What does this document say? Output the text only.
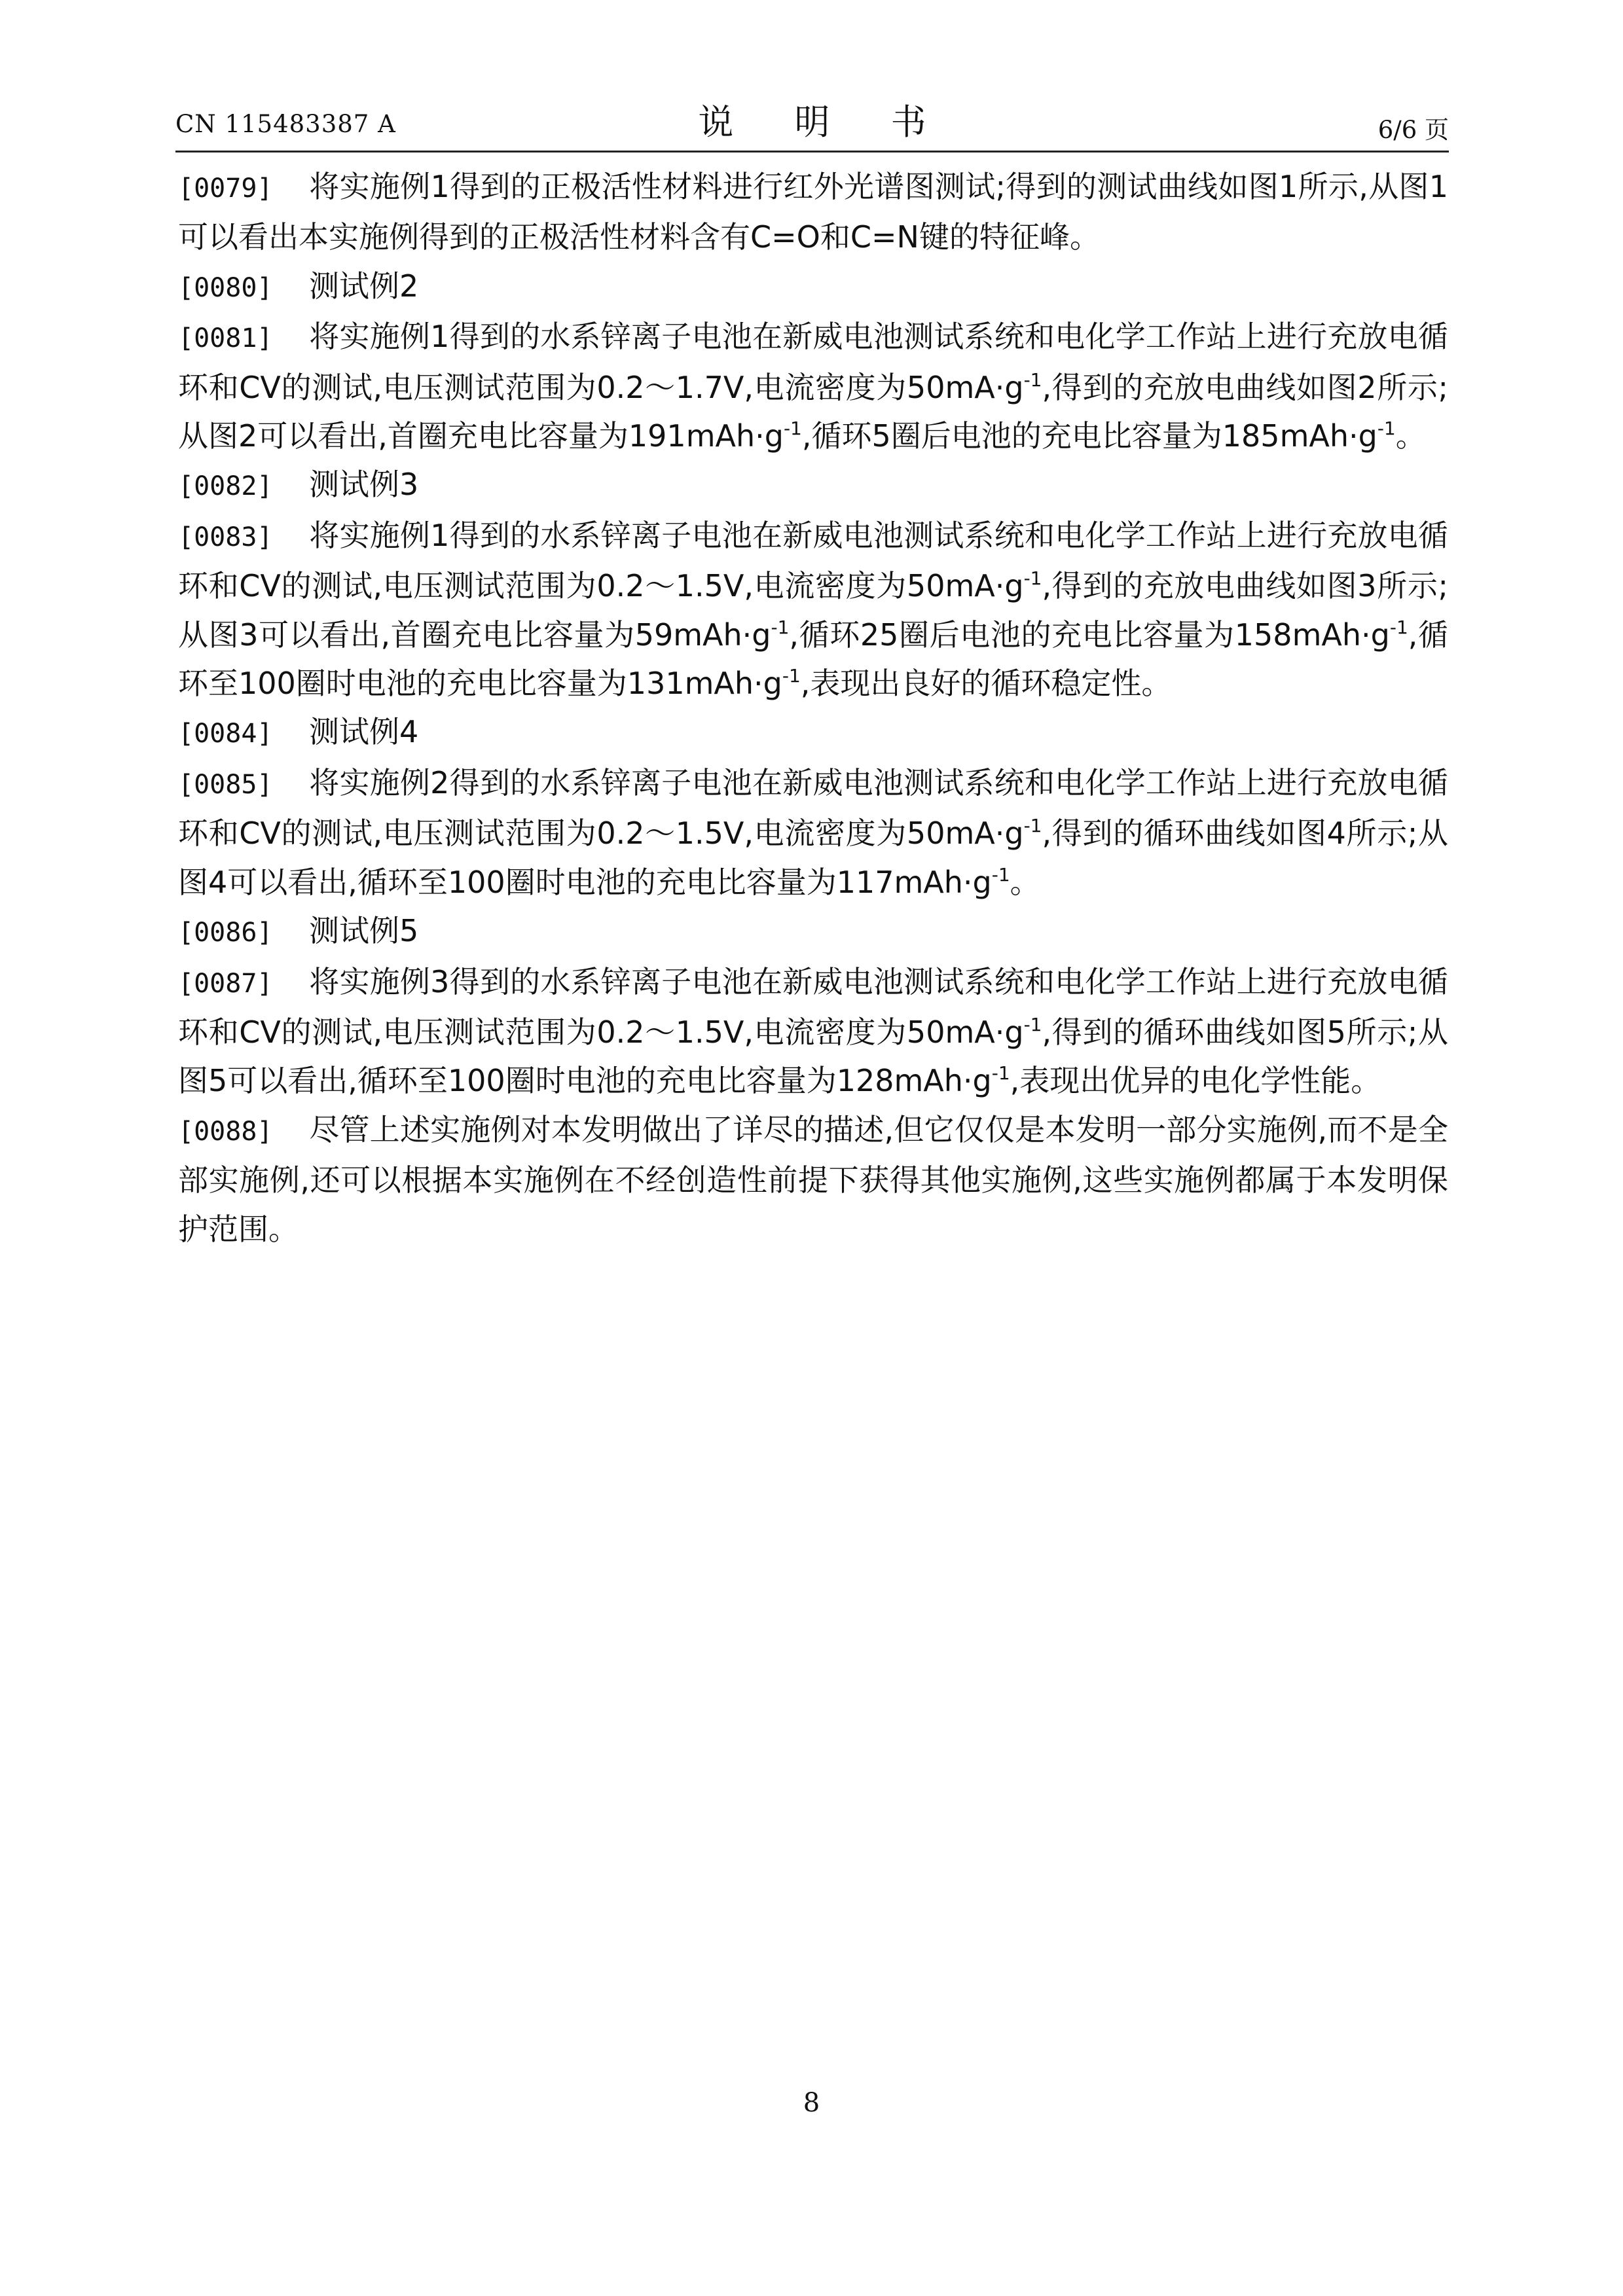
CN 115483387 A	说 明 书	6/6 页

[0079] 将实施例1得到的正极活性材料进行红外光谱图测试;得到的测试曲线如图1所示,从图1可以看出本实施例得到的正极活性材料含有C=O和C=N键的特征峰。

[0080] 测试例2

[0081] 将实施例1得到的水系锌离子电池在新威电池测试系统和电化学工作站上进行充放电循环和CV的测试,电压测试范围为0.2～1.7V,电流密度为$50mA\cdot g^{-1}$,得到的充放电曲线如图2所示;从图2可以看出,首圈充电比容量为$191mAh\cdot g^{-1}$,循环5圈后电池的充电比容量为$185mAh\cdot g^{-1}$。

[0082] 测试例3

[0083] 将实施例1得到的水系锌离子电池在新威电池测试系统和电化学工作站上进行充放电循环和CV的测试,电压测试范围为0.2～1.5V,电流密度为$50mA\cdot g^{-1}$,得到的充放电曲线如图3所示;从图3可以看出,首圈充电比容量为$59mAh\cdot g^{-1}$,循环25圈后电池的充电比容量为$158mAh\cdot g^{-1}$,循环至100圈时电池的充电比容量为$131mAh\cdot g^{-1}$,表现出良好的循环稳定性。

[0084] 测试例4

[0085] 将实施例2得到的水系锌离子电池在新威电池测试系统和电化学工作站上进行充放电循环和CV的测试,电压测试范围为0.2～1.5V,电流密度为$50mA\cdot g^{-1}$,得到的循环曲线如图4所示;从图4可以看出,循环至100圈时电池的充电比容量为$117mAh\cdot g^{-1}$。

[0086] 测试例5

[0087] 将实施例3得到的水系锌离子电池在新威电池测试系统和电化学工作站上进行充放电循环和CV的测试,电压测试范围为0.2～1.5V,电流密度为$50mA\cdot g^{-1}$,得到的循环曲线如图5所示;从图5可以看出,循环至100圈时电池的充电比容量为$128mAh\cdot g^{-1}$,表现出优异的电化学性能。

[0088] 尽管上述实施例对本发明做出了详尽的描述,但它仅仅是本发明一部分实施例,而不是全部实施例,还可以根据本实施例在不经创造性前提下获得其他实施例,这些实施例都属于本发明保护范围。

8
